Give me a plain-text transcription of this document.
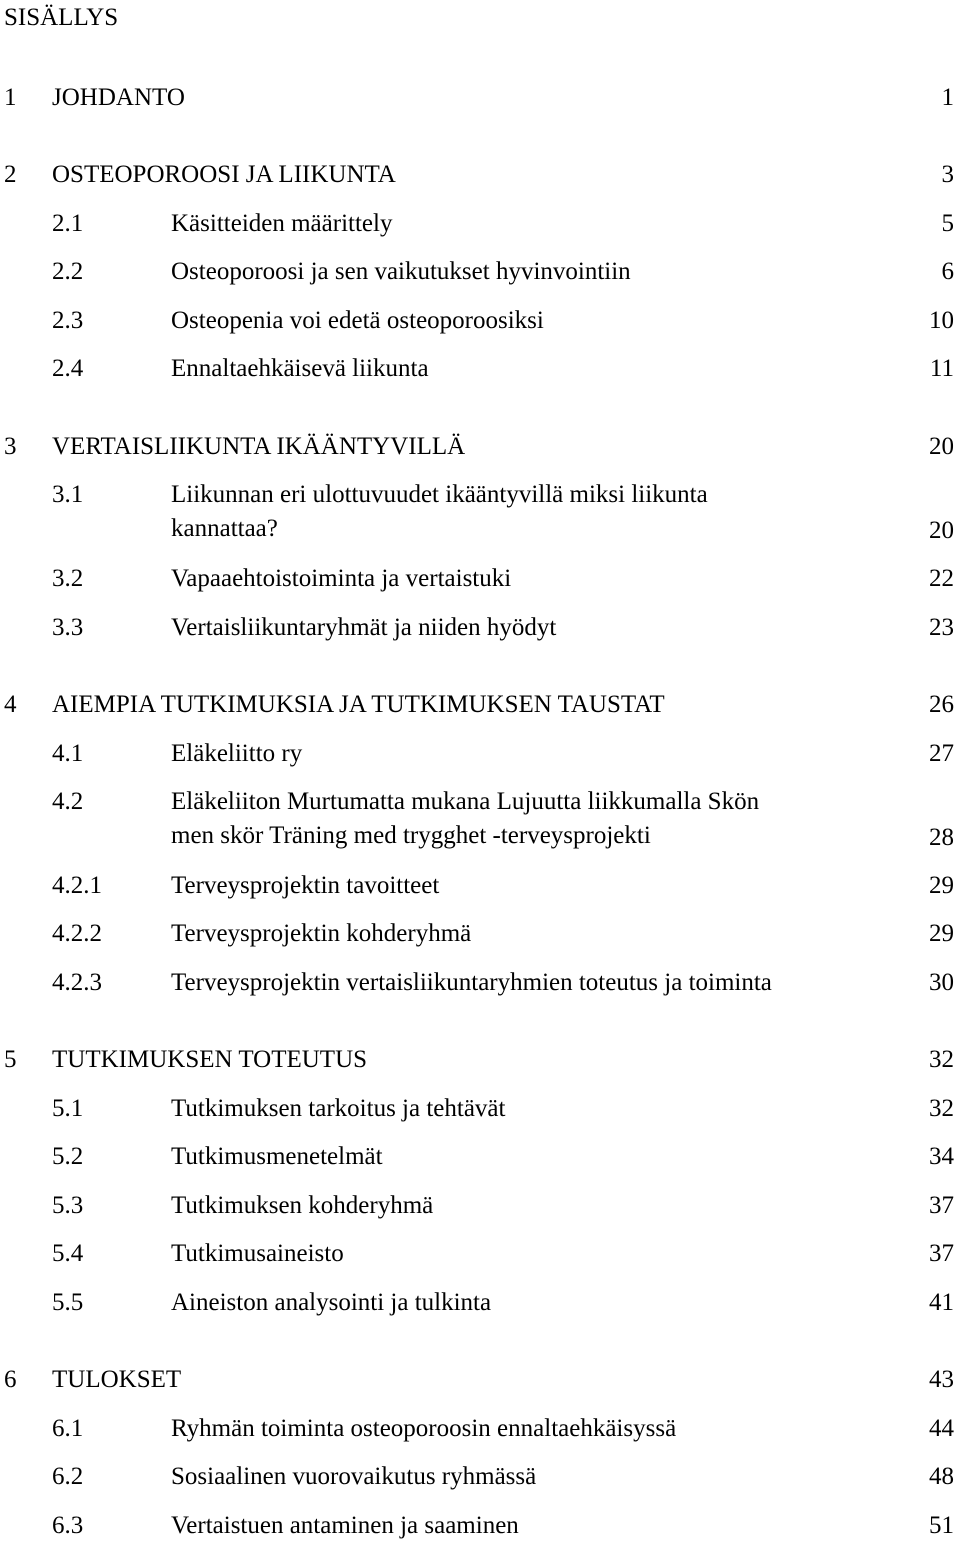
SISÄLLYS
1 JOHDANTO	1
2 OSTEOPOROOSI JA LIIKUNTA	3
2.1	Käsitteiden määrittely	5
2.2	Osteoporoosi ja sen vaikutukset hyvinvointiin	6
2.3	Osteopenia voi edetä osteoporoosiksi	10
2.4	Ennaltaehkäisevä liikunta	11
3 VERTAISLIIKUNTA IKÄÄNTYVILLÄ	20
3.1	Liikunnan eri ulottuvuudet ikääntyvillä miksi liikunta
kannattaa?	20
3.2	Vapaaehtoistoiminta ja vertaistuki	22
3.3	Vertaisliikuntaryhmät ja niiden hyödyt	23
4 AIEMPIA TUTKIMUKSIA JA TUTKIMUKSEN TAUSTAT	26
4.1	Eläkeliitto ry	27
4.2	Eläkeliiton Murtumatta mukana Lujuutta liikkumalla Skön
men skör Träning med trygghet -terveysprojekti	28
4.2.1	Terveysprojektin tavoitteet	29
4.2.2	Terveysprojektin kohderyhmä	29
4.2.3	Terveysprojektin vertaisliikuntaryhmien toteutus ja toiminta	30
5 TUTKIMUKSEN TOTEUTUS	32
5.1	Tutkimuksen tarkoitus ja tehtävät	32
5.2	Tutkimusmenetelmät	34
5.3	Tutkimuksen kohderyhmä	37
5.4	Tutkimusaineisto	37
5.5	Aineiston analysointi ja tulkinta	41
6 TULOKSET	43
6.1	Ryhmän toiminta osteoporoosin ennaltaehkäisyssä	44
6.2	Sosiaalinen vuorovaikutus ryhmässä	48
6.3	Vertaistuen antaminen ja saaminen	51
